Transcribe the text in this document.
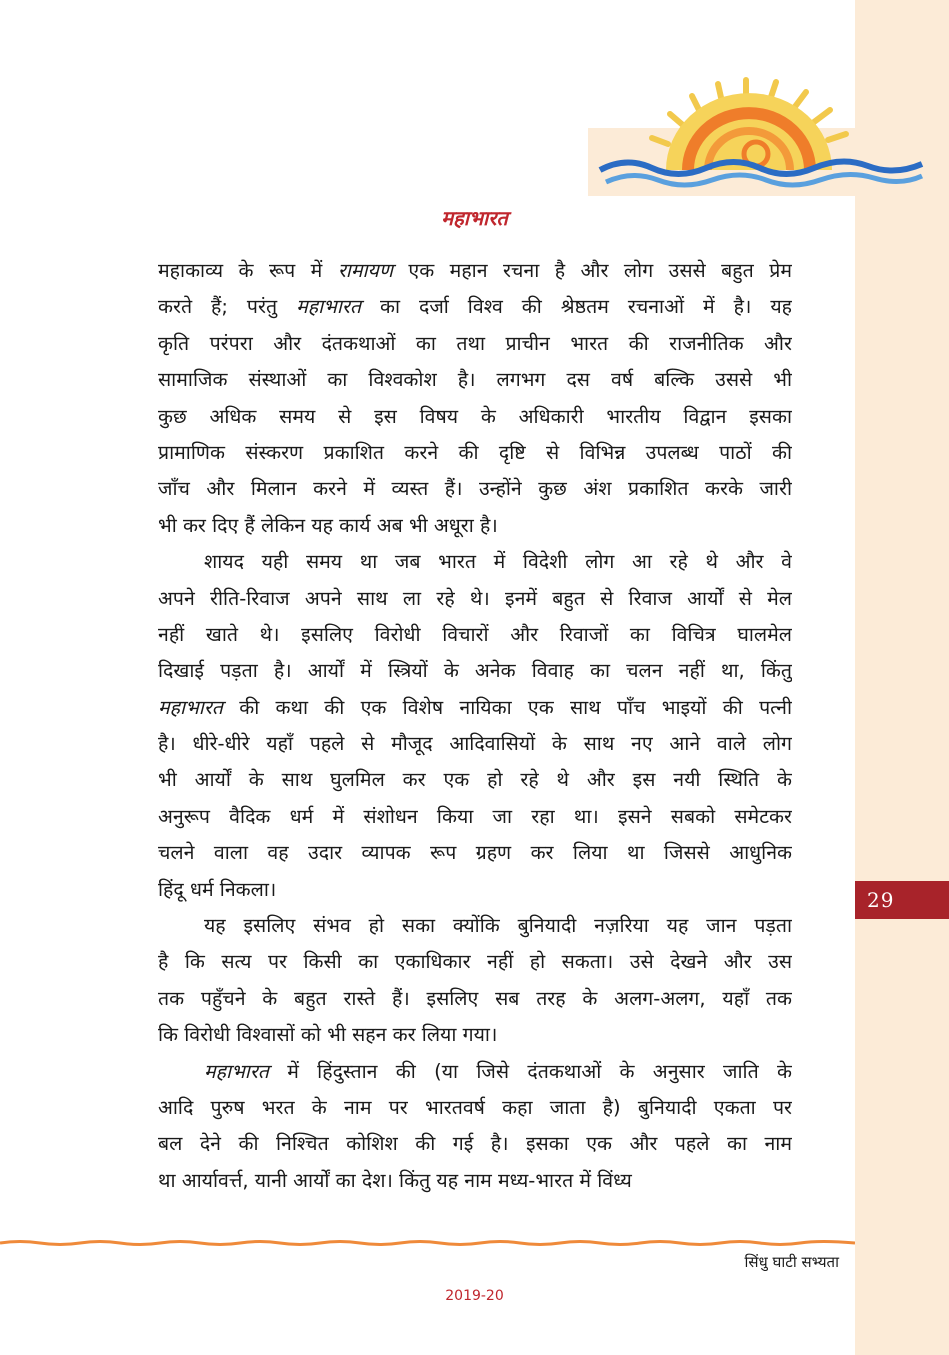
महाभारत
महाकाव्य के रूप में रामायण एक महान रचना है और लोग उससे बहुत प्रेम
करते हैं; परंतु महाभारत का दर्जा विश्व की श्रेष्ठतम रचनाओं में है। यह
कृति परंपरा और दंतकथाओं का तथा प्राचीन भारत की राजनीतिक और
सामाजिक संस्थाओं का विश्वकोश है। लगभग दस वर्ष बल्कि उससे भी
कुछ अधिक समय से इस विषय के अधिकारी भारतीय विद्वान इसका
प्रामाणिक संस्करण प्रकाशित करने की दृष्टि से विभिन्न उपलब्ध पाठों की
जाँच और मिलान करने में व्यस्त हैं। उन्होंने कुछ अंश प्रकाशित करके जारी
भी कर दिए हैं लेकिन यह कार्य अब भी अधूरा है।
शायद यही समय था जब भारत में विदेशी लोग आ रहे थे और वे
अपने रीति-रिवाज अपने साथ ला रहे थे। इनमें बहुत से रिवाज आर्यों से मेल
नहीं खाते थे। इसलिए विरोधी विचारों और रिवाजों का विचित्र घालमेल
दिखाई पड़ता है। आर्यों में स्त्रियों के अनेक विवाह का चलन नहीं था, किंतु
महाभारत की कथा की एक विशेष नायिका एक साथ पाँच भाइयों की पत्नी
है। धीरे-धीरे यहाँ पहले से मौजूद आदिवासियों के साथ नए आने वाले लोग
भी आर्यों के साथ घुलमिल कर एक हो रहे थे और इस नयी स्थिति के
अनुरूप वैदिक धर्म में संशोधन किया जा रहा था। इसने सबको समेटकर
चलने वाला वह उदार व्यापक रूप ग्रहण कर लिया था जिससे आधुनिक
हिंदू धर्म निकला।
यह इसलिए संभव हो सका क्योंकि बुनियादी नज़रिया यह जान पड़ता
है कि सत्य पर किसी का एकाधिकार नहीं हो सकता। उसे देखने और उस
तक पहुँचने के बहुत रास्ते हैं। इसलिए सब तरह के अलग-अलग, यहाँ तक
कि विरोधी विश्वासों को भी सहन कर लिया गया।
महाभारत में हिंदुस्तान की (या जिसे दंतकथाओं के अनुसार जाति के
आदि पुरुष भरत के नाम पर भारतवर्ष कहा जाता है) बुनियादी एकता पर
बल देने की निश्चित कोशिश की गई है। इसका एक और पहले का नाम
था आर्यावर्त्त, यानी आर्यों का देश। किंतु यह नाम मध्य-भारत में विंध्य
29
सिंधु घाटी सभ्यता
2019-20
